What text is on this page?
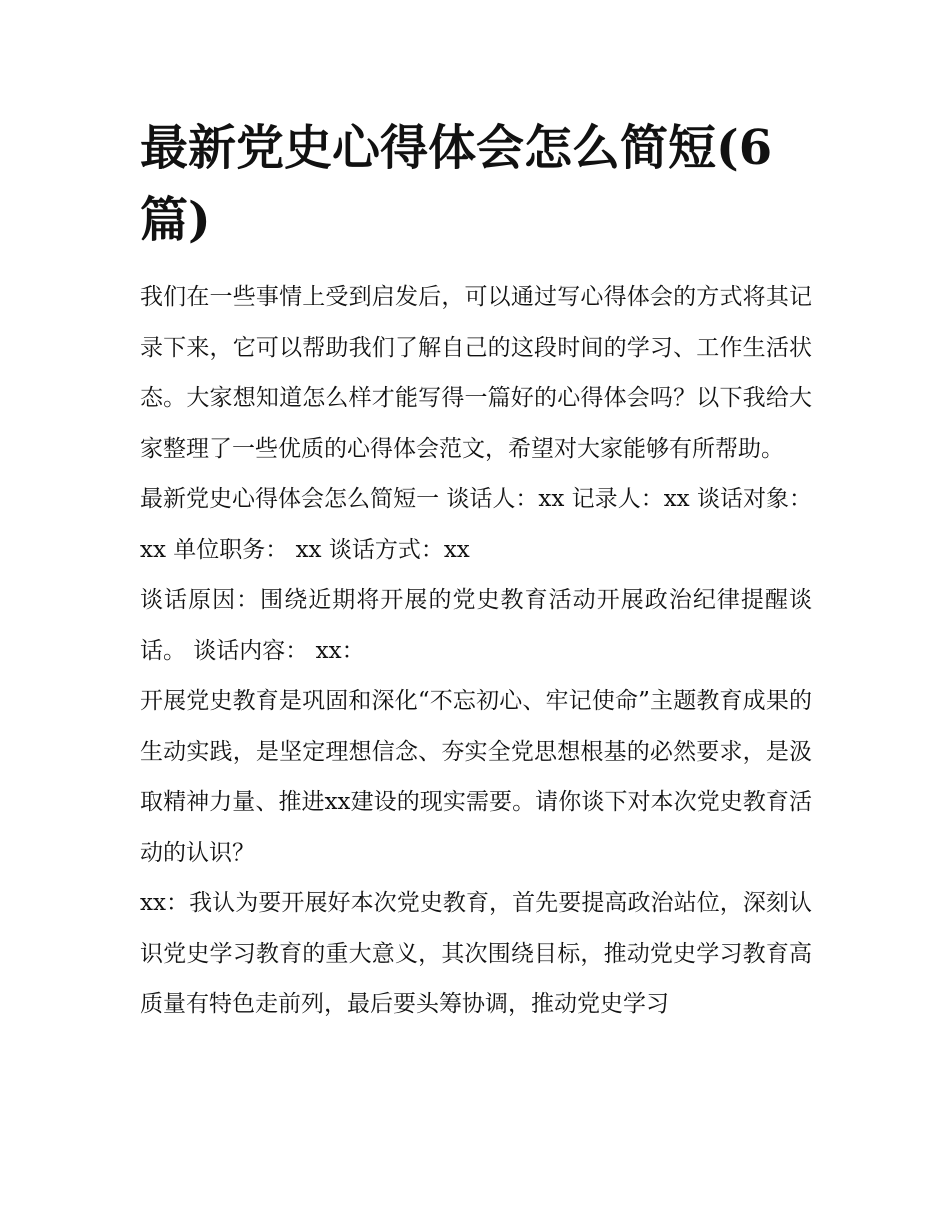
最新党史心得体会怎么简短(6篇)

我们在一些事情上受到启发后，可以通过写心得体会的方式将其记录下来，它可以帮助我们了解自己的这段时间的学习、工作生活状态。大家想知道怎么样才能写得一篇好的心得体会吗？以下我给大家整理了一些优质的心得体会范文，希望对大家能够有所帮助。

最新党史心得体会怎么简短一 谈话人：xx 记录人：xx 谈话对象：xx 单位职务： xx 谈话方式：xx

谈话原因：围绕近期将开展的党史教育活动开展政治纪律提醒谈话。 谈话内容： xx：

开展党史教育是巩固和深化“不忘初心、牢记使命”主题教育成果的生动实践，是坚定理想信念、夯实全党思想根基的必然要求，是汲取精神力量、推进xx建设的现实需要。请你谈下对本次党史教育活动的认识？

xx：我认为要开展好本次党史教育，首先要提高政治站位，深刻认识党史学习教育的重大意义，其次围绕目标，推动党史学习教育高质量有特色走前列，最后要头筹协调，推动党史学习
